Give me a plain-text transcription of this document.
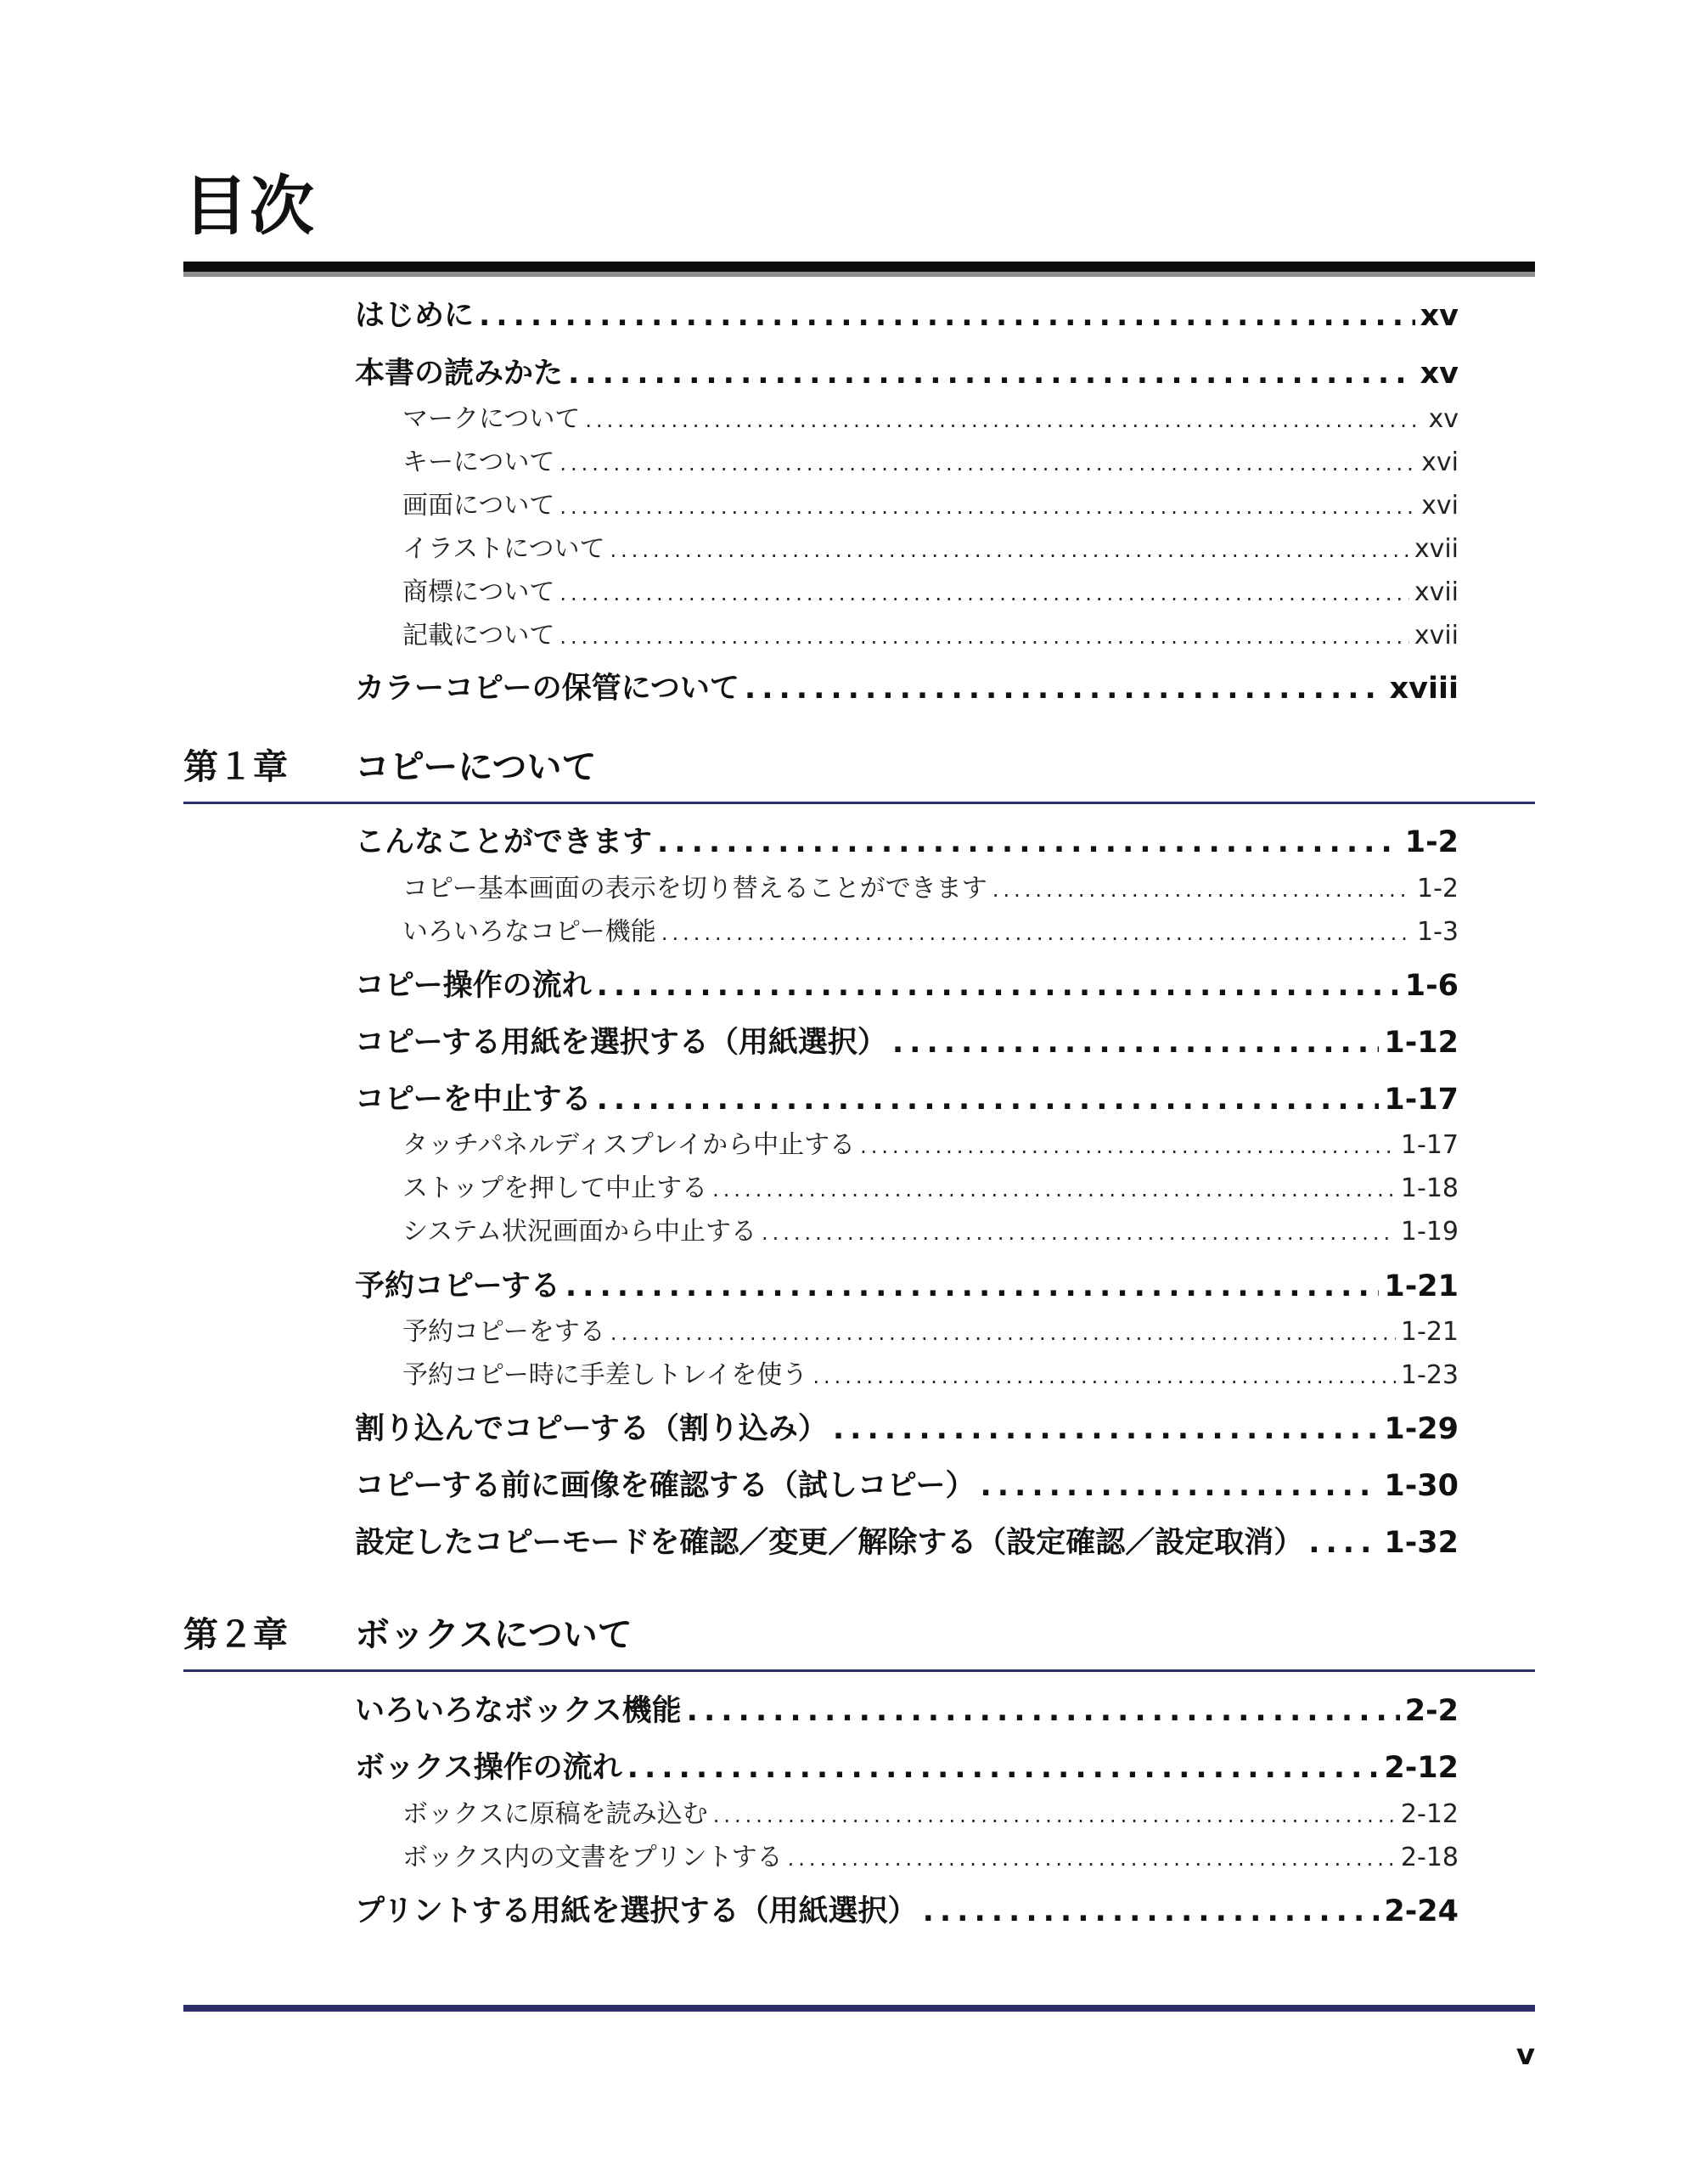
目次
はじめに .....	xv
本書の読みかた .....	xv
マークについて .....	xv
キーについて .....	xvi
画面について .....	xvi
イラストについて .....	xvii
商標について .....	xvii
記載について .....	xvii
カラーコピーの保管について .....	xviii
第１章 コピーについて
こんなことができます .....	1-2
コピー基本画面の表示を切り替えることができます .....	1-2
いろいろなコピー機能 .....	1-3
コピー操作の流れ .....	1-6
コピーする用紙を選択する（用紙選択） .....	1-12
コピーを中止する .....	1-17
タッチパネルディスプレイから中止する .....	1-17
ストップを押して中止する .....	1-18
システム状況画面から中止する .....	1-19
予約コピーする .....	1-21
予約コピーをする .....	1-21
予約コピー時に手差しトレイを使う .....	1-23
割り込んでコピーする（割り込み） .....	1-29
コピーする前に画像を確認する（試しコピー） .....	1-30
設定したコピーモードを確認／変更／解除する（設定確認／設定取消） .....	1-32
第２章 ボックスについて
いろいろなボックス機能 .....	2-2
ボックス操作の流れ .....	2-12
ボックスに原稿を読み込む .....	2-12
ボックス内の文書をプリントする .....	2-18
プリントする用紙を選択する（用紙選択） .....	2-24
v
